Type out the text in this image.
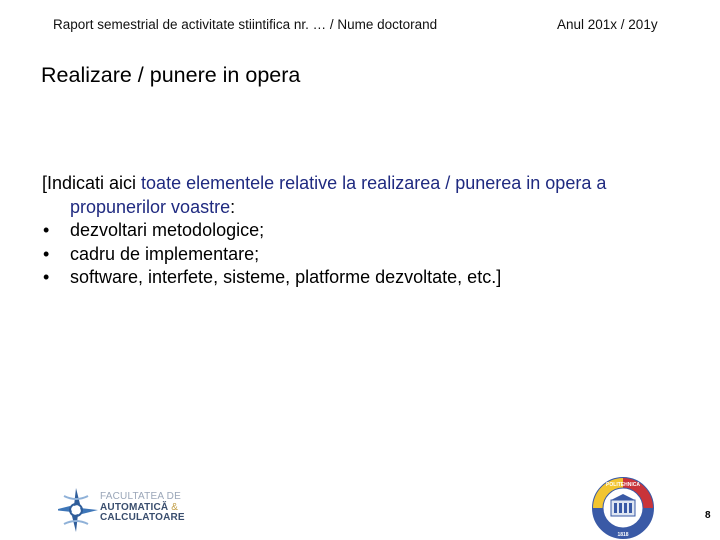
Raport semestrial de activitate stiintifica nr. … / Nume doctorand	Anul 201x / 201y
Realizare / punere in opera

[Indicati aici toate elementele relative la realizarea / punerea in opera a propunerilor voastre:

• dezvoltari metodologice;
• cadru de implementare;
• software, interfete, sisteme, platforme dezvoltate, etc.]
FACULTATEA DE
AUTOMATICĂ &
CALCULATOARE
POLITEHNICA
1818
8
